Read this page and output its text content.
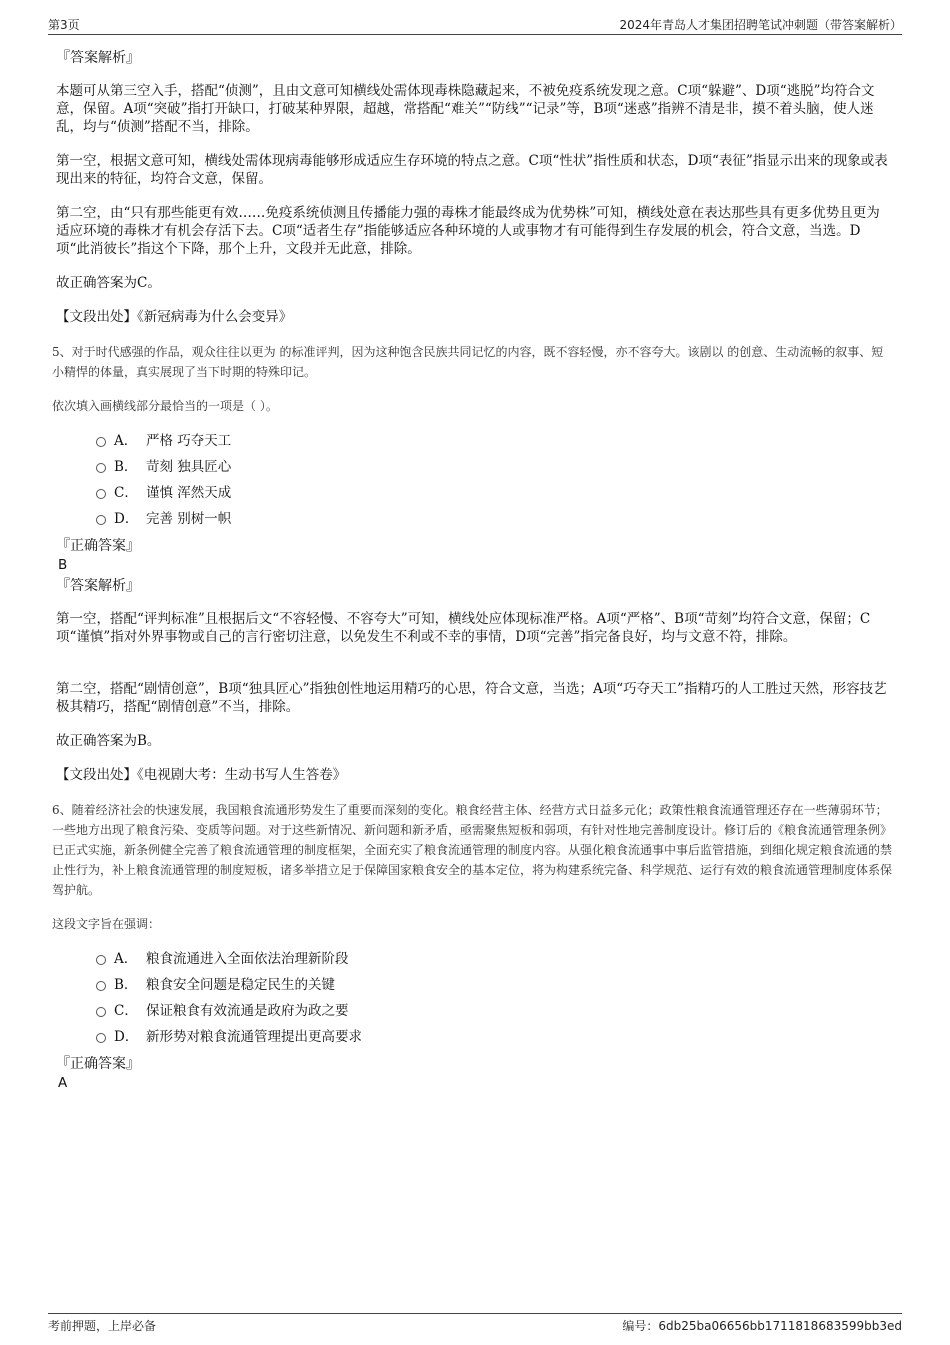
第3页	2024年青岛人才集团招聘笔试冲刺题（带答案解析）

『答案解析』

本题可从第三空入手，搭配“侦测”，且由文意可知横线处需体现毒株隐藏起来，不被免疫系统发现之意。C项“躲避”、D项“逃脱”均符合文意，保留。A项“突破”指打开缺口，打破某种界限，超越，常搭配“难关”“防线”“记录”等，B项“迷惑”指辨不清是非，摸不着头脑，使人迷乱，均与“侦测”搭配不当，排除。

第一空，根据文意可知，横线处需体现病毒能够形成适应生存环境的特点之意。C项“性状”指性质和状态，D项“表征”指显示出来的现象或表现出来的特征，均符合文意，保留。

第二空，由“只有那些能更有效……免疫系统侦测且传播能力强的毒株才能最终成为优势株”可知，横线处意在表达那些具有更多优势且更为适应环境的毒株才有机会存活下去。C项“适者生存”指能够适应各种环境的人或事物才有可能得到生存发展的机会，符合文意，当选。D项“此消彼长”指这个下降，那个上升，文段并无此意，排除。

故正确答案为C。

【文段出处】《新冠病毒为什么会变异》

5、对于时代感强的作品，观众往往以更为 的标准评判，因为这种饱含民族共同记忆的内容，既不容轻慢，亦不容夸大。该剧以 的创意、生动流畅的叙事、短小精悍的体量，真实展现了当下时期的特殊印记。

依次填入画横线部分最恰当的一项是（ ）。

A． 严格 巧夺天工
B． 苛刻 独具匠心
C． 谨慎 浑然天成
D． 完善 别树一帜

『正确答案』

B

『答案解析』

第一空，搭配“评判标准”且根据后文“不容轻慢、不容夸大”可知，横线处应体现标准严格。A项“严格”、B项“苛刻”均符合文意，保留；C项“谨慎”指对外界事物或自己的言行密切注意，以免发生不利或不幸的事情，D项“完善”指完备良好，均与文意不符，排除。

第二空，搭配“剧情创意”，B项“独具匠心”指独创性地运用精巧的心思，符合文意，当选；A项“巧夺天工”指精巧的人工胜过天然，形容技艺极其精巧，搭配“剧情创意”不当，排除。

故正确答案为B。

【文段出处】《电视剧大考：生动书写人生答卷》

6、随着经济社会的快速发展，我国粮食流通形势发生了重要而深刻的变化。粮食经营主体、经营方式日益多元化；政策性粮食流通管理还存在一些薄弱环节；一些地方出现了粮食污染、变质等问题。对于这些新情况、新问题和新矛盾，亟需聚焦短板和弱项，有针对性地完善制度设计。修订后的《粮食流通管理条例》已正式实施，新条例健全完善了粮食流通管理的制度框架，全面充实了粮食流通管理的制度内容。从强化粮食流通事中事后监管措施，到细化规定粮食流通的禁止性行为，补上粮食流通管理的制度短板，诸多举措立足于保障国家粮食安全的基本定位，将为构建系统完备、科学规范、运行有效的粮食流通管理制度体系保驾护航。

这段文字旨在强调：

A． 粮食流通进入全面依法治理新阶段
B． 粮食安全问题是稳定民生的关键
C． 保证粮食有效流通是政府为政之要
D． 新形势对粮食流通管理提出更高要求

『正确答案』

A

考前押题，上岸必备	编号：6db25ba06656bb1711818683599bb3ed
